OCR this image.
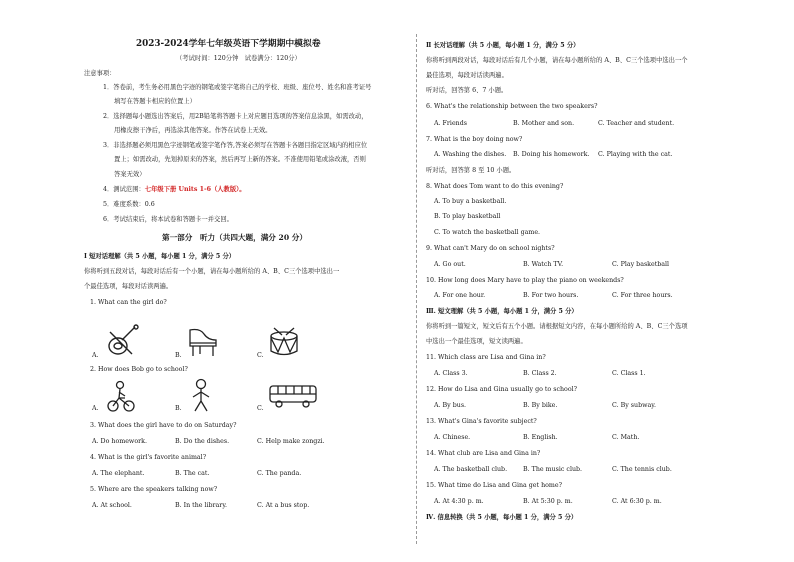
2023-2024学年七年级英语下学期期中模拟卷
（考试时间：120分钟　试卷满分：120分）
注意事项：
1．答卷前，考生务必用黑色字迹的钢笔或签字笔将自己的学校、班级、座位号、姓名和准考证号
填写在答题卡相应的位置上）
2．选择题每小题选出答案后，用2B铅笔将答题卡上对应题目选项的答案信息涂黑，如需改动，
用橡皮擦干净后，再选涂其他答案。作答在试卷上无效。
3．非选择题必须用黑色字迹钢笔或签字笔作答,答案必须写在答题卡各题目指定区域内的相应位
置上；如需改动，先划掉原来的答案，然后再写上新的答案。不准使用铅笔或涂改液，否则
答案无效）
4．测试范围：七年级下册 Units 1-6（人教版）。
5．难度系数：0.6
6．考试结束后，将本试卷和答题卡一并交回。
第一部分　听力（共四大题，满分 20 分）
Ⅰ 短对话理解（共 5 小题，每小题 1 分，满分 5 分）
你将听到五段对话，每段对话后有一个小题，请在每小题所给的 A、B、C三个选项中选出一
个最佳选项，每段对话读两遍。
1. What can the girl do?
A.	B.	C.
2. How does Bob go to school?
A.	B.	C.
3. What does the girl have to do on Saturday?
A. Do homework.	B. Do the dishes.	C. Help make zongzi.
4. What is the girl's favorite animal?
A. The elephant.	B. The cat.	C. The panda.
5. Where are the speakers talking now?
A. At school.	B. In the library.	C. At a bus stop.
Ⅱ 长对话理解（共 5 小题，每小题 1 分，满分 5 分）
你将听到两段对话，每段对话后有几个小题，请在每小题所给的 A、B、C三个选项中选出一个
最佳选项，每段对话读两遍。
听对话，回答第 6、7 小题。
6. What's the relationship between the two speakers?
A. Friends	B. Mother and son.	C. Teacher and student.
7. What is the boy doing now?
A. Washing the dishes. B. Doing his homework. C. Playing with the cat.
听对话，回答第 8 至 10 小题。
8. What does Tom want to do this evening?
A. To buy a basketball.
B. To play basketball
C. To watch the basketball game.
9. What can't Mary do on school nights?
A. Go out.	B. Watch TV.	C. Play basketball
10. How long does Mary have to play the piano on weekends?
A. For one hour.	B. For two hours.	C. For three hours.
Ⅲ. 短文理解（共 5 小题，每小题 1 分，满分 5 分）
你将听到一篇短文，短文后有五个小题。请根据短文内容，在每小题所给的 A、B、C三个选项
中选出一个最佳选项，短文读两遍。
11. Which class are Lisa and Gina in?
A. Class 3.	B. Class 2.	C. Class 1.
12. How do Lisa and Gina usually go to school?
A. By bus.	B. By bike.	C. By subway.
13. What's Gina's favorite subject?
A. Chinese.	B. English.	C. Math.
14. What club are Lisa and Gina in?
A. The basketball club.	B. The music club.	C. The tennis club.
15. What time do Lisa and Gina get home?
A. At 4:30 p. m.	B. At 5:30 p. m.	C. At 6:30 p. m.
Ⅳ. 信息转换（共 5 小题，每小题 1 分，满分 5 分）
